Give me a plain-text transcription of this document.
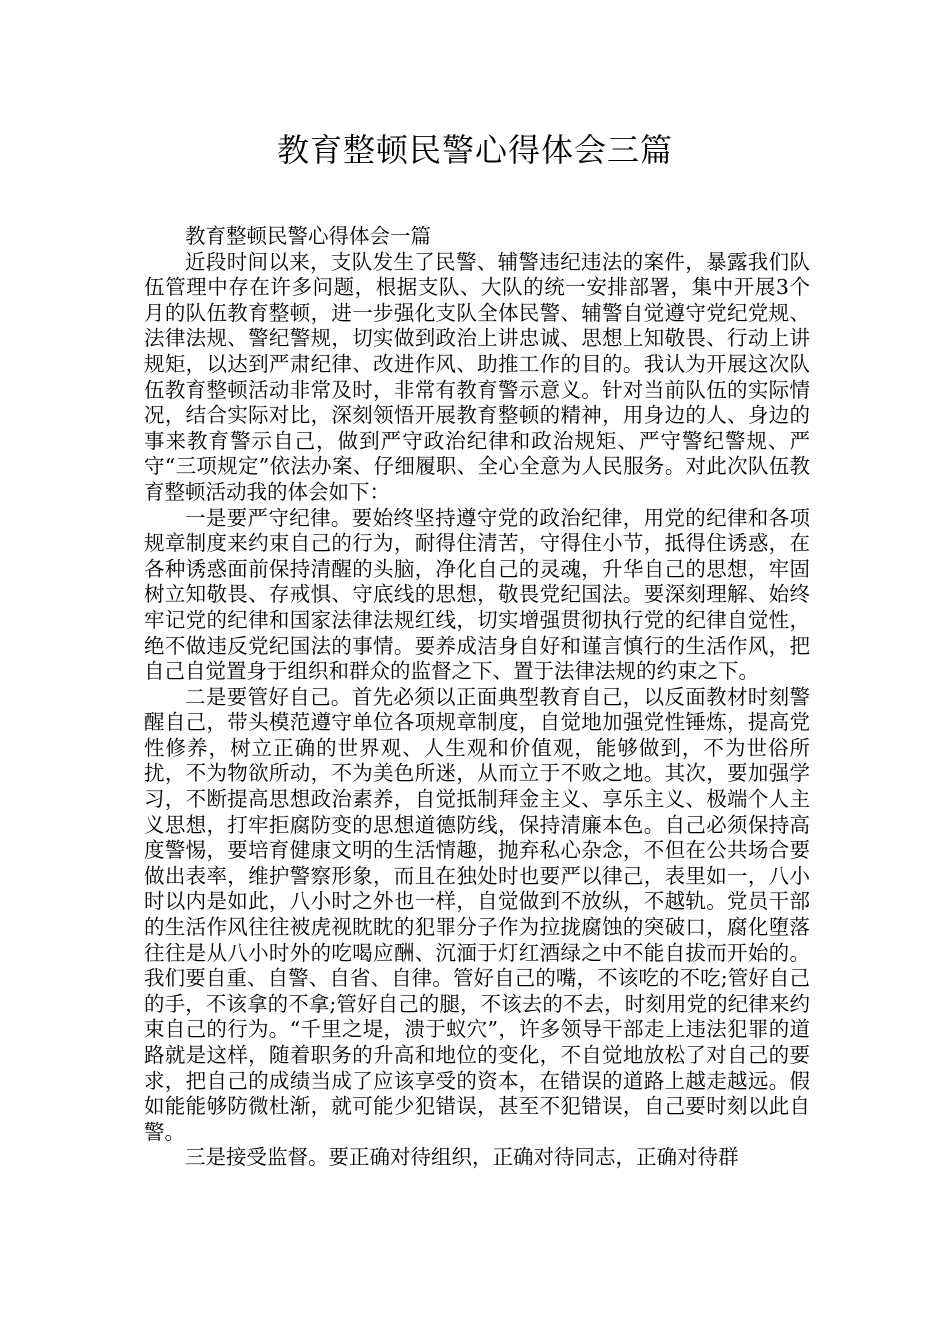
教育整顿民警心得体会三篇

教育整顿民警心得体会一篇

近段时间以来，支队发生了民警、辅警违纪违法的案件，暴露我们队伍管理中存在许多问题，根据支队、大队的统一安排部署，集中开展3个月的队伍教育整顿，进一步强化支队全体民警、辅警自觉遵守党纪党规、法律法规、警纪警规，切实做到政治上讲忠诚、思想上知敬畏、行动上讲规矩，以达到严肃纪律、改进作风、助推工作的目的。我认为开展这次队伍教育整顿活动非常及时，非常有教育警示意义。针对当前队伍的实际情况，结合实际对比，深刻领悟开展教育整顿的精神，用身边的人、身边的事来教育警示自己，做到严守政治纪律和政治规矩、严守警纪警规、严守“三项规定”依法办案、仔细履职、全心全意为人民服务。对此次队伍教育整顿活动我的体会如下：

一是要严守纪律。要始终坚持遵守党的政治纪律，用党的纪律和各项规章制度来约束自己的行为，耐得住清苦，守得住小节，抵得住诱惑，在各种诱惑面前保持清醒的头脑，净化自己的灵魂，升华自己的思想，牢固树立知敬畏、存戒惧、守底线的思想，敬畏党纪国法。要深刻理解、始终牢记党的纪律和国家法律法规红线，切实增强贯彻执行党的纪律自觉性，绝不做违反党纪国法的事情。要养成洁身自好和谨言慎行的生活作风，把自己自觉置身于组织和群众的监督之下、置于法律法规的约束之下。

二是要管好自己。首先必须以正面典型教育自己，以反面教材时刻警醒自己，带头模范遵守单位各项规章制度，自觉地加强党性锤炼，提高党性修养，树立正确的世界观、人生观和价值观，能够做到，不为世俗所扰，不为物欲所动，不为美色所迷，从而立于不败之地。其次，要加强学习，不断提高思想政治素养，自觉抵制拜金主义、享乐主义、极端个人主义思想，打牢拒腐防变的思想道德防线，保持清廉本色。自己必须保持高度警惕，要培育健康文明的生活情趣，抛弃私心杂念，不但在公共场合要做出表率，维护警察形象，而且在独处时也要严以律己，表里如一，八小时以内是如此，八小时之外也一样，自觉做到不放纵，不越轨。党员干部的生活作风往往被虎视眈眈的犯罪分子作为拉拢腐蚀的突破口，腐化堕落往往是从八小时外的吃喝应酬、沉湎于灯红酒绿之中不能自拔而开始的。我们要自重、自警、自省、自律。管好自己的嘴，不该吃的不吃;管好自己的手，不该拿的不拿;管好自己的腿，不该去的不去，时刻用党的纪律来约束自己的行为。“千里之堤，溃于蚁穴”，许多领导干部走上违法犯罪的道路就是这样，随着职务的升高和地位的变化，不自觉地放松了对自己的要求，把自己的成绩当成了应该享受的资本，在错误的道路上越走越远。假如能能够防微杜渐，就可能少犯错误，甚至不犯错误，自己要时刻以此自警。

三是接受监督。要正确对待组织，正确对待同志，正确对待群
